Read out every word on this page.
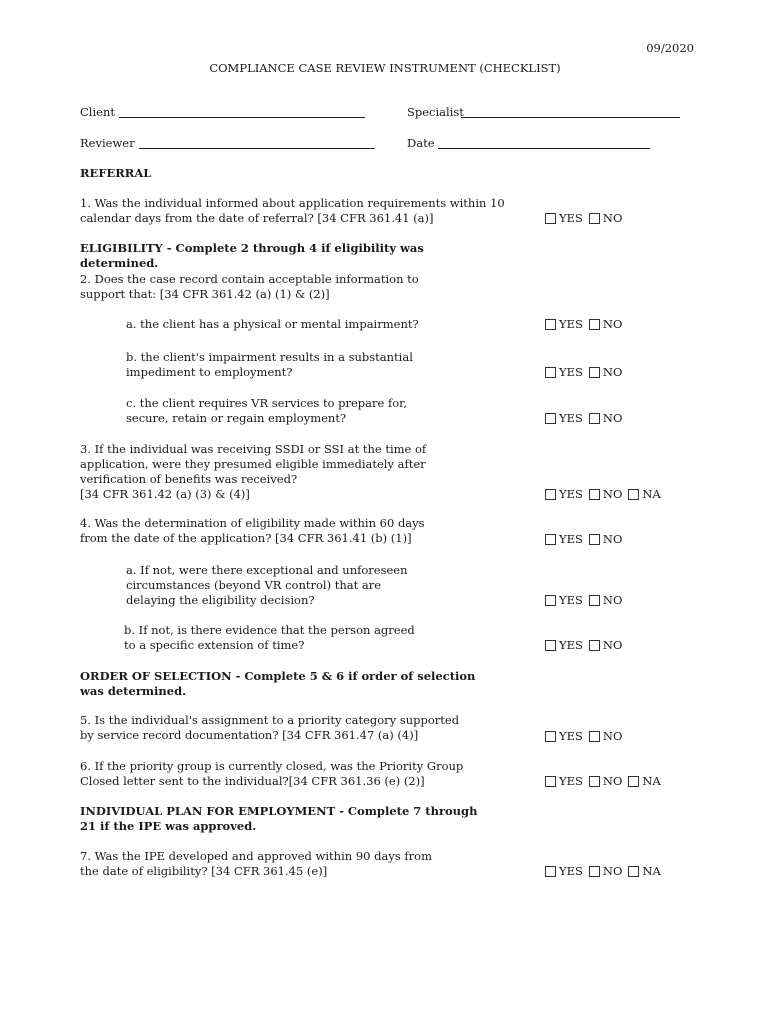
09/2020
COMPLIANCE CASE REVIEW INSTRUMENT (CHECKLIST)
Client	Specialist
Reviewer	Date
REFERRAL
1. Was the individual informed about application requirements within 10
calendar days from the date of referral? [34 CFR 361.41 (a)]	YES NO
ELIGIBILITY - Complete 2 through 4 if eligibility was
determined.
2. Does the case record contain acceptable information to
support that: [34 CFR 361.42 (a) (1) & (2)]
a. the client has a physical or mental impairment?	YES NO
b. the client's impairment results in a substantial
impediment to employment?	YES NO
c. the client requires VR services to prepare for,
secure, retain or regain employment?	YES NO
3. If the individual was receiving SSDI or SSI at the time of
application, were they presumed eligible immediately after
verification of benefits was received?
[34 CFR 361.42 (a) (3) & (4)]	YES NO NA
4. Was the determination of eligibility made within 60 days
from the date of the application? [34 CFR 361.41 (b) (1)]	YES NO
a. If not, were there exceptional and unforeseen
circumstances (beyond VR control) that are
delaying the eligibility decision?	YES NO
b. If not, is there evidence that the person agreed
to a specific extension of time?	YES NO
ORDER OF SELECTION - Complete 5 & 6 if order of selection
was determined.
5. Is the individual's assignment to a priority category supported
by service record documentation? [34 CFR 361.47 (a) (4)]	YES NO
6. If the priority group is currently closed, was the Priority Group
Closed letter sent to the individual?[34 CFR 361.36 (e) (2)]	YES NO NA
INDIVIDUAL PLAN FOR EMPLOYMENT - Complete 7 through
21 if the IPE was approved.
7. Was the IPE developed and approved within 90 days from
the date of eligibility? [34 CFR 361.45 (e)]	YES NO NA
